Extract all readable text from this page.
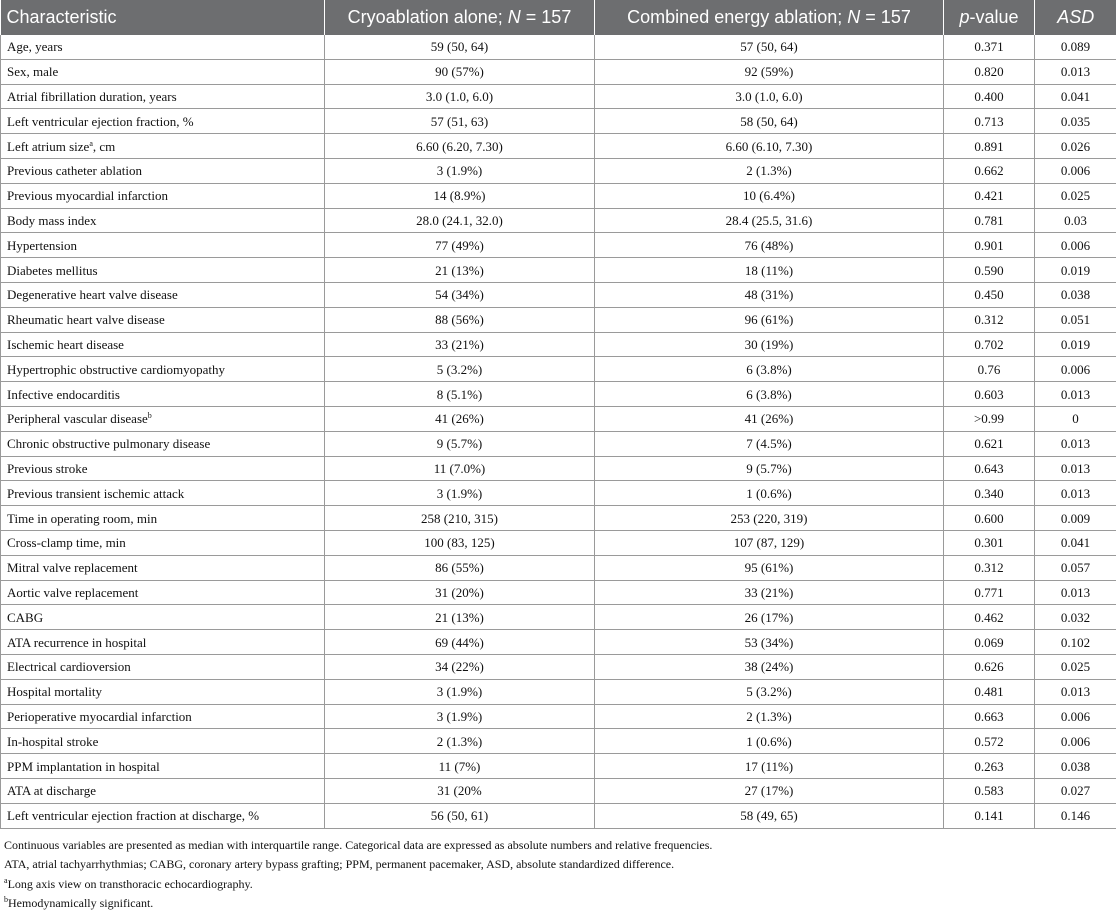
Characteristic	Cryoablation alone; N = 157	Combined energy ablation; N = 157	p-value	ASD
Age, years	59 (50, 64)	57 (50, 64)	0.371	0.089
Sex, male	90 (57%)	92 (59%)	0.820	0.013
Atrial fibrillation duration, years	3.0 (1.0, 6.0)	3.0 (1.0, 6.0)	0.400	0.041
Left ventricular ejection fraction, %	57 (51, 63)	58 (50, 64)	0.713	0.035
Left atrium size$^a$, cm	6.60 (6.20, 7.30)	6.60 (6.10, 7.30)	0.891	0.026
Previous catheter ablation	3 (1.9%)	2 (1.3%)	0.662	0.006
Previous myocardial infarction	14 (8.9%)	10 (6.4%)	0.421	0.025
Body mass index	28.0 (24.1, 32.0)	28.4 (25.5, 31.6)	0.781	0.03
Hypertension	77 (49%)	76 (48%)	0.901	0.006
Diabetes mellitus	21 (13%)	18 (11%)	0.590	0.019
Degenerative heart valve disease	54 (34%)	48 (31%)	0.450	0.038
Rheumatic heart valve disease	88 (56%)	96 (61%)	0.312	0.051
Ischemic heart disease	33 (21%)	30 (19%)	0.702	0.019
Hypertrophic obstructive cardiomyopathy	5 (3.2%)	6 (3.8%)	0.76	0.006
Infective endocarditis	8 (5.1%)	6 (3.8%)	0.603	0.013
Peripheral vascular disease$^b$	41 (26%)	41 (26%)	>0.99	0
Chronic obstructive pulmonary disease	9 (5.7%)	7 (4.5%)	0.621	0.013
Previous stroke	11 (7.0%)	9 (5.7%)	0.643	0.013
Previous transient ischemic attack	3 (1.9%)	1 (0.6%)	0.340	0.013
Time in operating room, min	258 (210, 315)	253 (220, 319)	0.600	0.009
Cross-clamp time, min	100 (83, 125)	107 (87, 129)	0.301	0.041
Mitral valve replacement	86 (55%)	95 (61%)	0.312	0.057
Aortic valve replacement	31 (20%)	33 (21%)	0.771	0.013
CABG	21 (13%)	26 (17%)	0.462	0.032
ATA recurrence in hospital	69 (44%)	53 (34%)	0.069	0.102
Electrical cardioversion	34 (22%)	38 (24%)	0.626	0.025
Hospital mortality	3 (1.9%)	5 (3.2%)	0.481	0.013
Perioperative myocardial infarction	3 (1.9%)	2 (1.3%)	0.663	0.006
In-hospital stroke	2 (1.3%)	1 (0.6%)	0.572	0.006
PPM implantation in hospital	11 (7%)	17 (11%)	0.263	0.038
ATA at discharge	31 (20%	27 (17%)	0.583	0.027
Left ventricular ejection fraction at discharge, %	56 (50, 61)	58 (49, 65)	0.141	0.146

Continuous variables are presented as median with interquartile range. Categorical data are expressed as absolute numbers and relative frequencies.

ATA, atrial tachyarrhythmias; CABG, coronary artery bypass grafting; PPM, permanent pacemaker, ASD, absolute standardized difference.

$^a$Long axis view on transthoracic echocardiography.

$^b$Hemodynamically significant.
